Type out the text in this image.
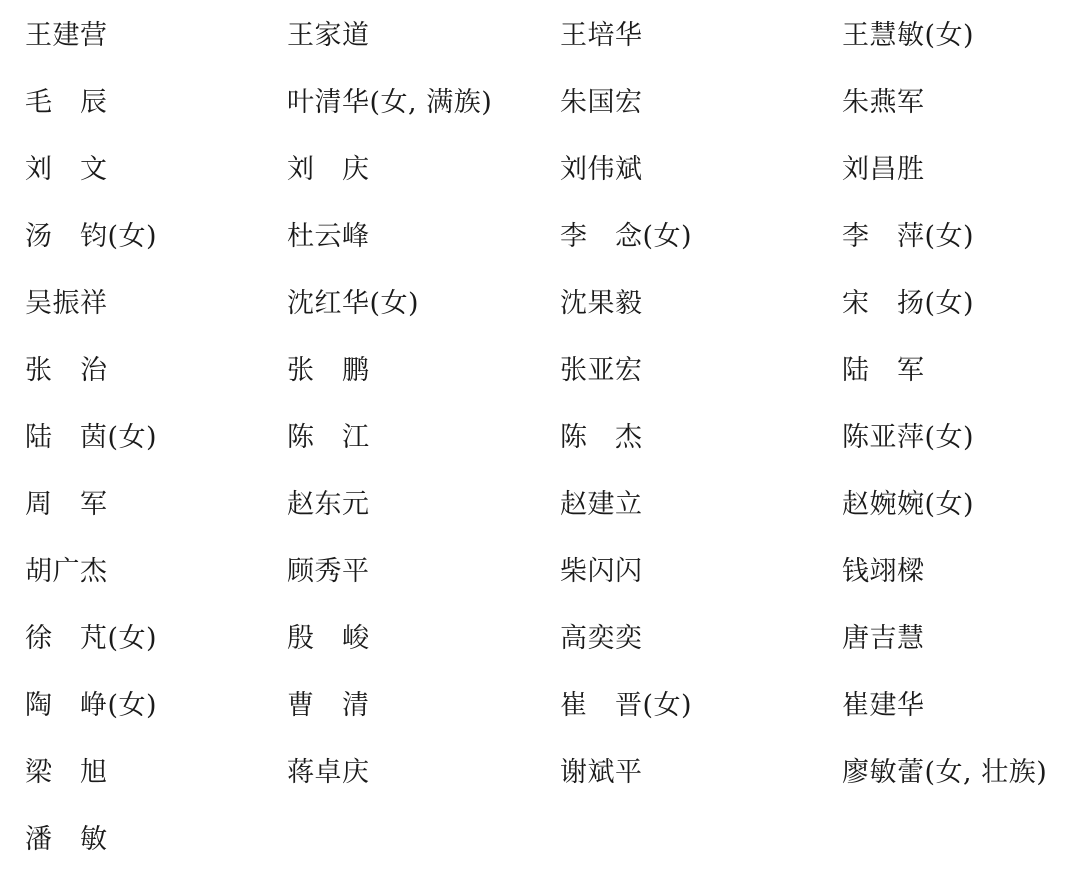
王建营	王家道	王培华	王慧敏(女)
毛　辰	叶清华(女, 满族)	朱国宏	朱燕军
刘　文	刘　庆	刘伟斌	刘昌胜
汤　钧(女)	杜云峰	李　念(女)	李　萍(女)
吴振祥	沈红华(女)	沈果毅	宋　扬(女)
张　治	张　鹏	张亚宏	陆　军
陆　茵(女)	陈　江	陈　杰	陈亚萍(女)
周　军	赵东元	赵建立	赵婉婉(女)
胡广杰	顾秀平	柴闪闪	钱翊樑
徐　芃(女)	殷　峻	高奕奕	唐吉慧
陶　峥(女)	曹　清	崔　晋(女)	崔建华
梁　旭	蒋卓庆	谢斌平	廖敏蕾(女, 壮族)
潘　敏
